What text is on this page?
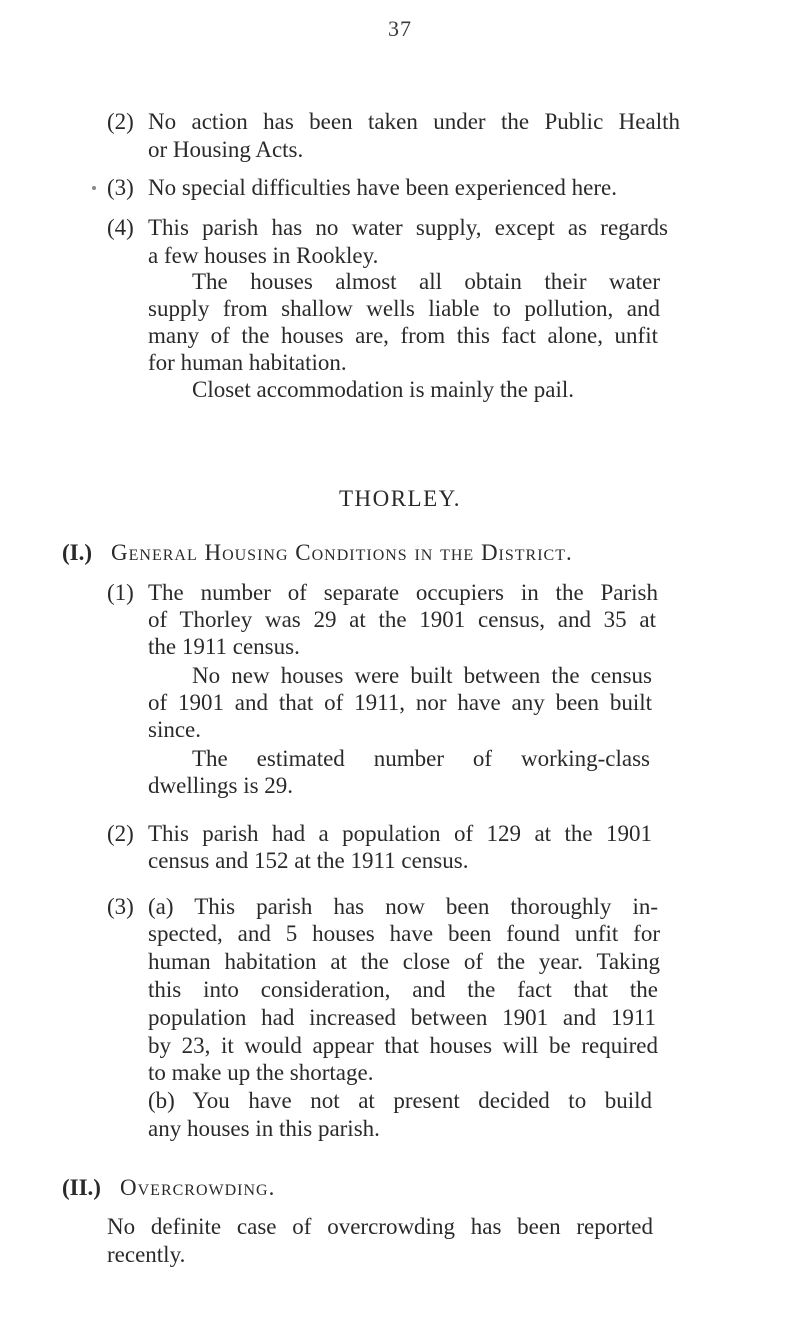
37
(2) No action has been taken under the Public Health
or Housing Acts.
(3) No special difficulties have been experienced here.
(4) This parish has no water supply, except as regards
a few houses in Rookley.
The houses almost all obtain their water
supply from shallow wells liable to pollution, and
many of the houses are, from this fact alone, unfit
for human habitation.
Closet accommodation is mainly the pail.
THORLEY.
(I.) General Housing Conditions in the District.
(1) The number of separate occupiers in the Parish
of Thorley was 29 at the 1901 census, and 35 at
the 1911 census.
No new houses were built between the census
of 1901 and that of 1911, nor have any been built
since.
The estimated number of working-class
dwellings is 29.
(2) This parish had a population of 129 at the 1901
census and 152 at the 1911 census.
(3) (a) This parish has now been thoroughly in-
spected, and 5 houses have been found unfit for
human habitation at the close of the year. Taking
this into consideration, and the fact that the
population had increased between 1901 and 1911
by 23, it would appear that houses will be required
to make up the shortage.
(b) You have not at present decided to build
any houses in this parish.
(II.) Overcrowding.
No definite case of overcrowding has been reported
recently.
